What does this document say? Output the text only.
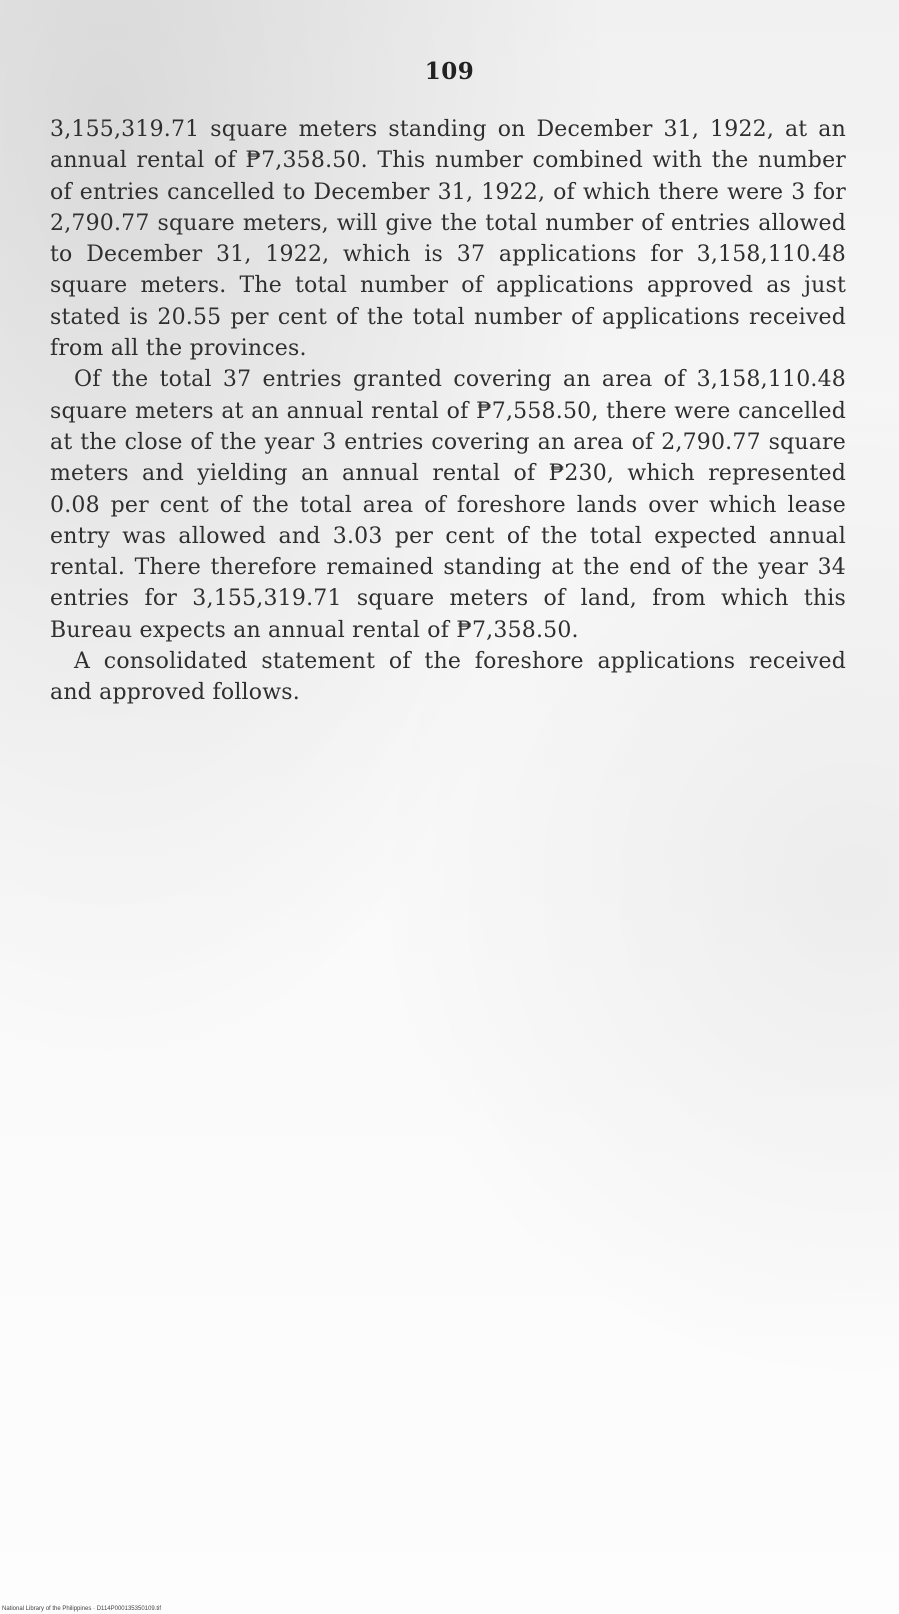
109

3,155,319.71 square meters standing on December 31, 1922, at an annual rental of ₱7,358.50. This number combined with the number of entries cancelled to December 31, 1922, of which there were 3 for 2,790.77 square meters, will give the total number of entries allowed to December 31, 1922, which is 37 applications for 3,158,110.48 square meters. The total number of applications approved as just stated is 20.55 per cent of the total number of applications received from all the provinces.

Of the total 37 entries granted covering an area of 3,158,110.48 square meters at an annual rental of ₱7,558.50, there were cancelled at the close of the year 3 entries covering an area of 2,790.77 square meters and yielding an annual rental of ₱230, which represented 0.08 per cent of the total area of foreshore lands over which lease entry was allowed and 3.03 per cent of the total expected annual rental. There therefore remained standing at the end of the year 34 entries for 3,155,319.71 square meters of land, from which this Bureau expects an annual rental of ₱7,358.50.

A consolidated statement of the foreshore applications received and approved follows.

National Library of the Philippines · D114P000135350109.tif
